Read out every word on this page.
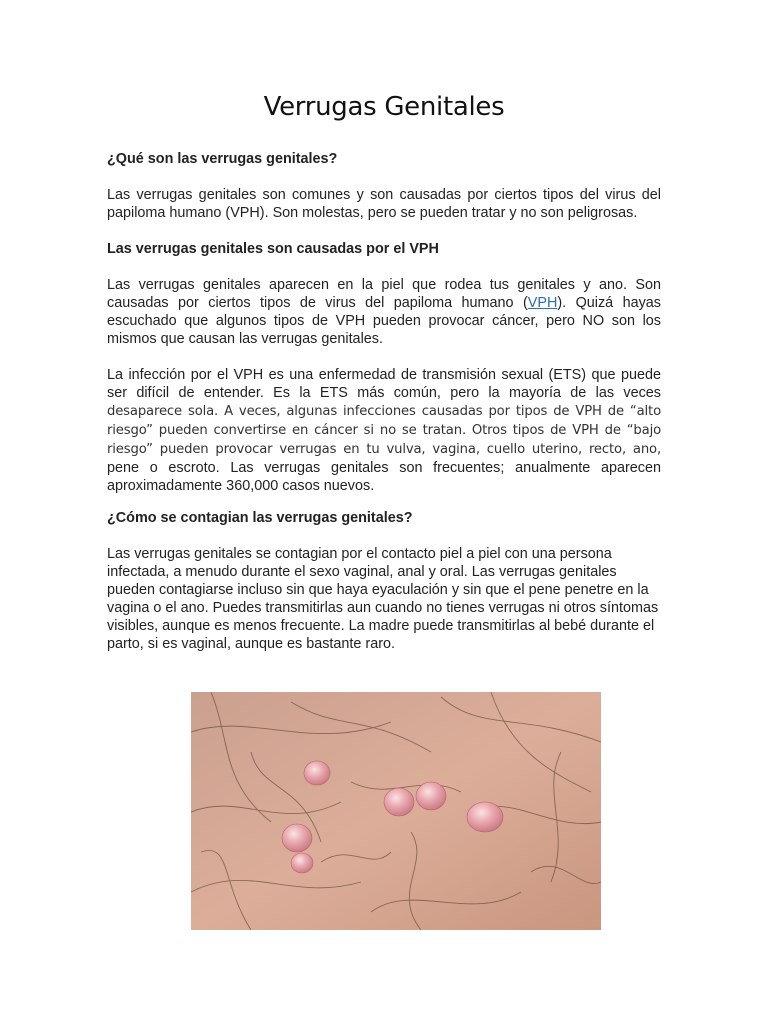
Verrugas Genitales

¿Qué son las verrugas genitales?

Las verrugas genitales son comunes y son causadas por ciertos tipos del virus del papiloma humano (VPH). Son molestas, pero se pueden tratar y no son peligrosas.

Las verrugas genitales son causadas por el VPH

Las verrugas genitales aparecen en la piel que rodea tus genitales y ano. Son causadas por ciertos tipos de virus del papiloma humano (VPH). Quizá hayas escuchado que algunos tipos de VPH pueden provocar cáncer, pero NO son los mismos que causan las verrugas genitales.

La infección por el VPH es una enfermedad de transmisión sexual (ETS) que puede ser difícil de entender. Es la ETS más común, pero la mayoría de las veces desaparece sola. A veces, algunas infecciones causadas por tipos de VPH de “alto riesgo” pueden convertirse en cáncer si no se tratan. Otros tipos de VPH de “bajo riesgo” pueden provocar verrugas en tu vulva, vagina, cuello uterino, recto, ano, pene o escroto. Las verrugas genitales son frecuentes; anualmente aparecen aproximadamente 360,000 casos nuevos.

¿Cómo se contagian las verrugas genitales?

Las verrugas genitales se contagian por el contacto piel a piel con una persona infectada, a menudo durante el sexo vaginal, anal y oral. Las verrugas genitales pueden contagiarse incluso sin que haya eyaculación y sin que el pene penetre en la vagina o el ano. Puedes transmitirlas aun cuando no tienes verrugas ni otros síntomas visibles, aunque es menos frecuente. La madre puede transmitirlas al bebé durante el parto, si es vaginal, aunque es bastante raro.
